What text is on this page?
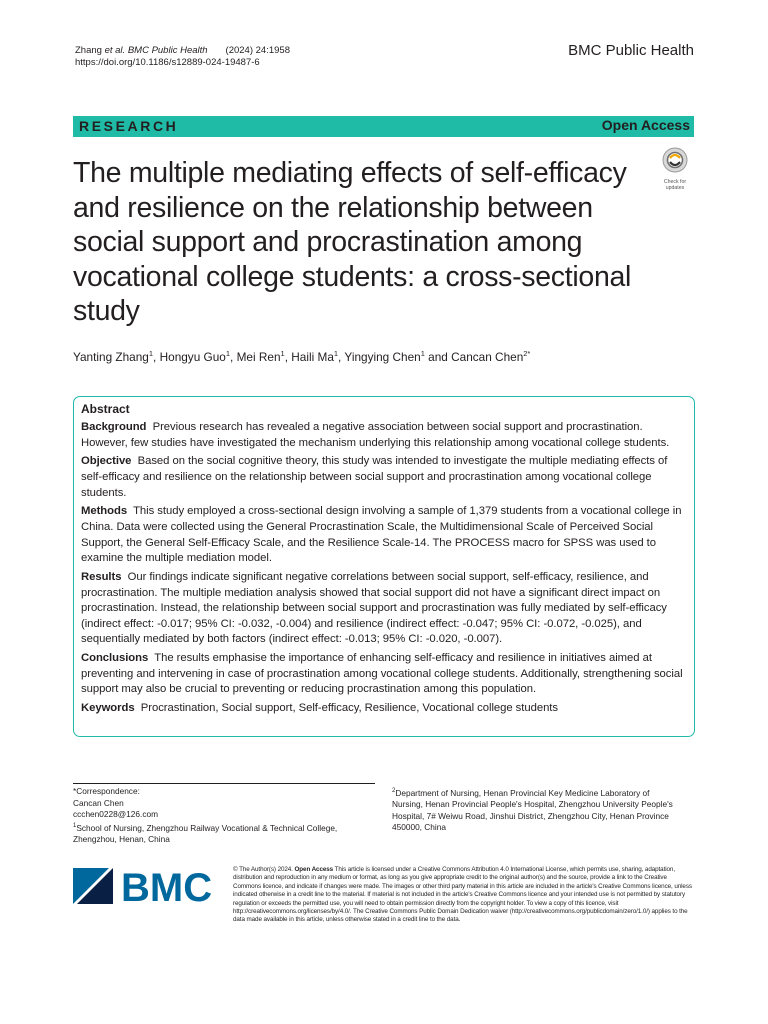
Zhang et al. BMC Public Health (2024) 24:1958
https://doi.org/10.1186/s12889-024-19487-6
BMC Public Health
RESEARCH	Open Access
Check for
updates
The multiple mediating effects of self-efficacy and resilience on the relationship between social support and procrastination among vocational college students: a cross-sectional study
Yanting Zhang$^1$, Hongyu Guo$^1$, Mei Ren$^1$, Haili Ma$^1$, Yingying Chen$^1$ and Cancan Chen$^{2*}$
Abstract

Background Previous research has revealed a negative association between social support and procrastination. However, few studies have investigated the mechanism underlying this relationship among vocational college students.

Objective Based on the social cognitive theory, this study was intended to investigate the multiple mediating effects of self-efficacy and resilience on the relationship between social support and procrastination among vocational college students.

Methods This study employed a cross-sectional design involving a sample of 1,379 students from a vocational college in China. Data were collected using the General Procrastination Scale, the Multidimensional Scale of Perceived Social Support, the General Self-Efficacy Scale, and the Resilience Scale-14. The PROCESS macro for SPSS was used to examine the multiple mediation model.

Results Our findings indicate significant negative correlations between social support, self-efficacy, resilience, and procrastination. The multiple mediation analysis showed that social support did not have a significant direct impact on procrastination. Instead, the relationship between social support and procrastination was fully mediated by self-efficacy (indirect effect: -0.017; 95% CI: -0.032, -0.004) and resilience (indirect effect: -0.047; 95% CI: -0.072, -0.025), and sequentially mediated by both factors (indirect effect: -0.013; 95% CI: -0.020, -0.007).

Conclusions The results emphasise the importance of enhancing self-efficacy and resilience in initiatives aimed at preventing and intervening in case of procrastination among vocational college students. Additionally, strengthening social support may also be crucial to preventing or reducing procrastination among this population.

Keywords Procrastination, Social support, Self-efficacy, Resilience, Vocational college students

*Correspondence:

Cancan Chen

ccchen0228@126.com

$^1$School of Nursing, Zhengzhou Railway Vocational & Technical College, Zhengzhou, Henan, China

$^2$Department of Nursing, Henan Provincial Key Medicine Laboratory of Nursing, Henan Provincial People's Hospital, Zhengzhou University People's Hospital, 7# Weiwu Road, Jinshui District, Zhengzhou City, Henan Province 450000, China

BMC	© The Author(s) 2024. Open Access This article is licensed under a Creative Commons Attribution 4.0 International License, which permits use, sharing, adaptation, distribution and reproduction in any medium or format, as long as you give appropriate credit to the original author(s) and the source, provide a link to the Creative Commons licence, and indicate if changes were made. The images or other third party material in this article are included in the article's Creative Commons licence, unless indicated otherwise in a credit line to the material. If material is not included in the article's Creative Commons licence and your intended use is not permitted by statutory regulation or exceeds the permitted use, you will need to obtain permission directly from the copyright holder. To view a copy of this licence, visit http://creativecommons.org/licenses/by/4.0/. The Creative Commons Public Domain Dedication waiver (http://creativecommons.org/publicdomain/zero/1.0/) applies to the data made available in this article, unless otherwise stated in a credit line to the data.
